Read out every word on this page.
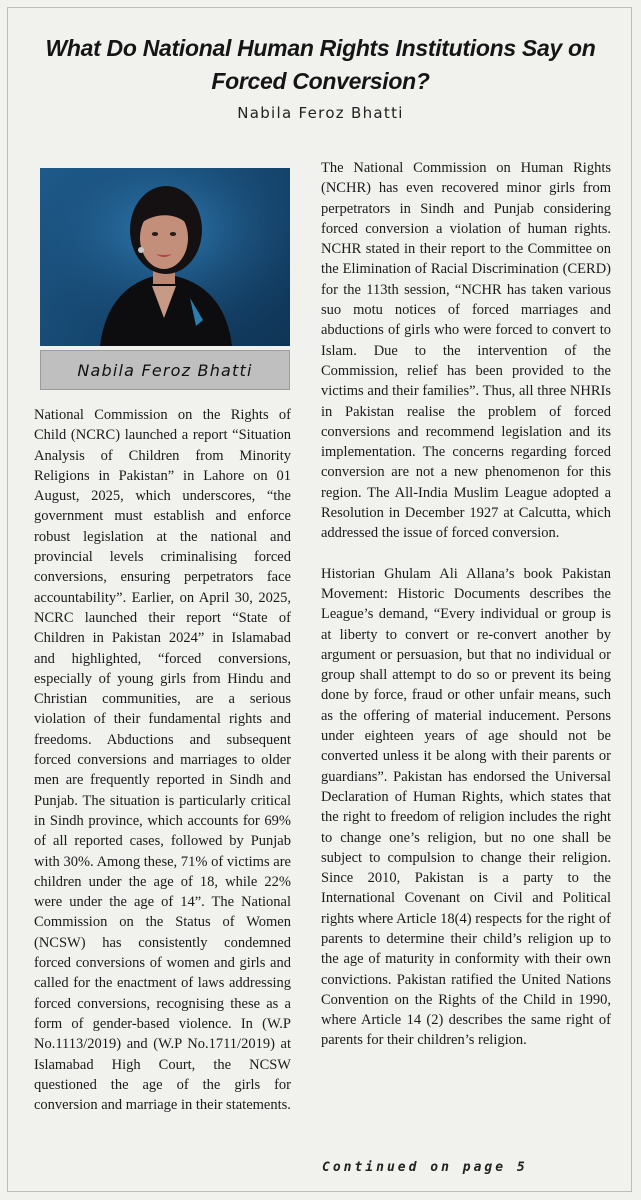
What Do National Human Rights Institutions Say on Forced Conversion?
Nabila Feroz Bhatti
Nabila Feroz Bhatti

National Commission on the Rights of Child (NCRC) launched a report “Situation Analysis of Children from Minority Religions in Pakistan” in Lahore on 01 August, 2025, which underscores, “the government must establish and enforce robust legislation at the national and provincial levels criminalising forced conversions, ensuring perpetrators face accountability”. Earlier, on April 30, 2025, NCRC launched their report “State of Children in Pakistan 2024” in Islamabad and highlighted, “forced conversions, especially of young girls from Hindu and Christian communities, are a serious violation of their fundamental rights and freedoms. Abductions and subsequent forced conversions and marriages to older men are frequently reported in Sindh and Punjab. The situation is particularly critical in Sindh province, which accounts for 69% of all reported cases, followed by Punjab with 30%. Among these, 71% of victims are children under the age of 18, while 22% were under the age of 14”. The National Commission on the Status of Women (NCSW) has consistently condemned forced conversions of women and girls and called for the enactment of laws addressing forced conversions, recognising these as a form of gender-based violence. In (W.P No.1113/2019) and (W.P No.1711/2019) at Islamabad High Court, the NCSW questioned the age of the girls for conversion and marriage in their statements.

The National Commission on Human Rights (NCHR) has even recovered minor girls from perpetrators in Sindh and Punjab considering forced conversion a violation of human rights. NCHR stated in their report to the Committee on the Elimination of Racial Discrimination (CERD) for the 113th session, “NCHR has taken various suo motu notices of forced marriages and abductions of girls who were forced to convert to Islam. Due to the intervention of the Commission, relief has been provided to the victims and their families”. Thus, all three NHRIs in Pakistan realise the problem of forced conversions and recommend legislation and its implementation. The concerns regarding forced conversion are not a new phenomenon for this region. The All-India Muslim League adopted a Resolution in December 1927 at Calcutta, which addressed the issue of forced conversion.

Historian Ghulam Ali Allana’s book Pakistan Movement: Historic Documents describes the League’s demand, “Every individual or group is at liberty to convert or re-convert another by argument or persuasion, but that no individual or group shall attempt to do so or prevent its being done by force, fraud or other unfair means, such as the offering of material inducement. Persons under eighteen years of age should not be converted unless it be along with their parents or guardians”. Pakistan has endorsed the Universal Declaration of Human Rights, which states that the right to freedom of religion includes the right to change one’s religion, but no one shall be subject to compulsion to change their religion. Since 2010, Pakistan is a party to the International Covenant on Civil and Political rights where Article 18(4) respects for the right of parents to determine their child’s religion up to the age of maturity in conformity with their own convictions. Pakistan ratified the United Nations Convention on the Rights of the Child in 1990, where Article 14 (2) describes the same right of parents for their children’s religion.

Continued on page 5
